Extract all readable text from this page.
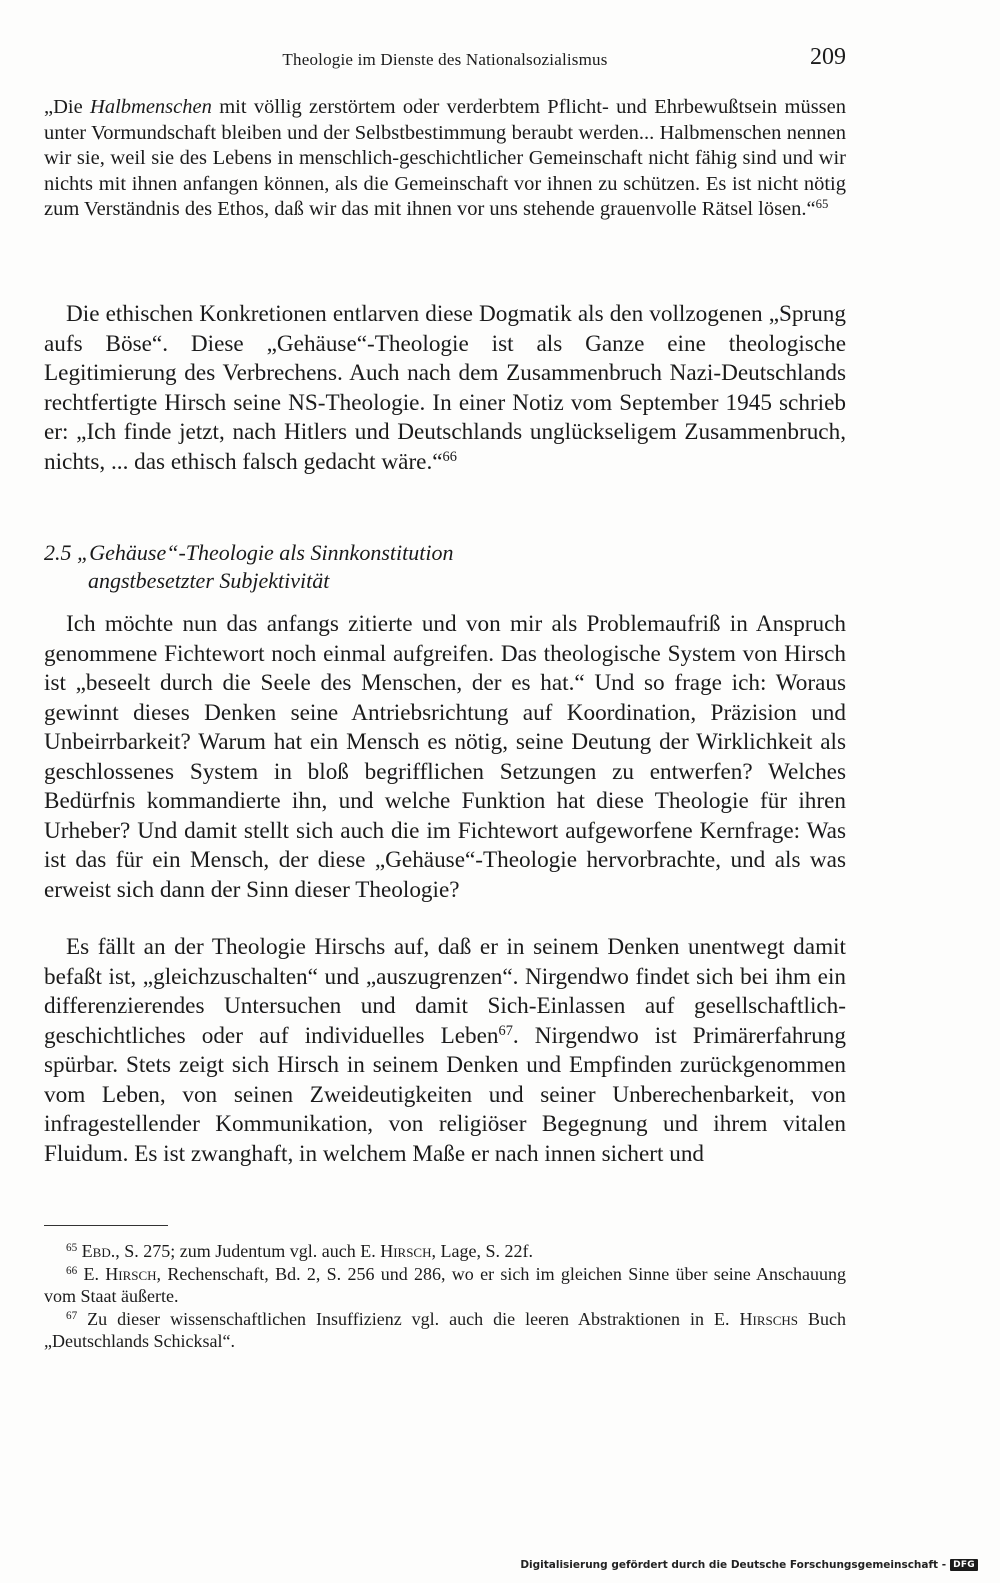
Theologie im Dienste des Nationalsozialismus	209
„Die Halbmenschen mit völlig zerstörtem oder verderbtem Pflicht- und Ehrbewußtsein müssen unter Vormundschaft bleiben und der Selbstbestimmung beraubt werden... Halbmenschen nennen wir sie, weil sie des Lebens in menschlich-geschichtlicher Gemeinschaft nicht fähig sind und wir nichts mit ihnen anfangen können, als die Gemeinschaft vor ihnen zu schützen. Es ist nicht nötig zum Verständnis des Ethos, daß wir das mit ihnen vor uns stehende grauenvolle Rätsel lösen.“$^{65}$

Die ethischen Konkretionen entlarven diese Dogmatik als den vollzogenen „Sprung aufs Böse“. Diese „Gehäuse“-Theologie ist als Ganze eine theologische Legitimierung des Verbrechens. Auch nach dem Zusammenbruch Nazi-Deutschlands rechtfertigte Hirsch seine NS-Theologie. In einer Notiz vom September 1945 schrieb er: „Ich finde jetzt, nach Hitlers und Deutschlands unglückseligem Zusammenbruch, nichts, ... das ethisch falsch gedacht wäre.“$^{66}$

2.5 „Gehäuse“-Theologie als Sinnkonstitution
angstbesetzter Subjektivität

Ich möchte nun das anfangs zitierte und von mir als Problemaufriß in Anspruch genommene Fichtewort noch einmal aufgreifen. Das theologische System von Hirsch ist „beseelt durch die Seele des Menschen, der es hat.“ Und so frage ich: Woraus gewinnt dieses Denken seine Antriebsrichtung auf Koordination, Präzision und Unbeirrbarkeit? Warum hat ein Mensch es nötig, seine Deutung der Wirklichkeit als geschlossenes System in bloß begrifflichen Setzungen zu entwerfen? Welches Bedürfnis kommandierte ihn, und welche Funktion hat diese Theologie für ihren Urheber? Und damit stellt sich auch die im Fichtewort aufgeworfene Kernfrage: Was ist das für ein Mensch, der diese „Gehäuse“-Theologie hervorbrachte, und als was erweist sich dann der Sinn dieser Theologie?

Es fällt an der Theologie Hirschs auf, daß er in seinem Denken unentwegt damit befaßt ist, „gleichzuschalten“ und „auszugrenzen“. Nirgendwo findet sich bei ihm ein differenzierendes Untersuchen und damit Sich-Einlassen auf gesellschaftlich-geschichtliches oder auf individuelles Leben$^{67}$. Nirgendwo ist Primärerfahrung spürbar. Stets zeigt sich Hirsch in seinem Denken und Empfinden zurückgenommen vom Leben, von seinen Zweideutigkeiten und seiner Unberechenbarkeit, von infragestellender Kommunikation, von religiöser Begegnung und ihrem vitalen Fluidum. Es ist zwanghaft, in welchem Maße er nach innen sichert und

$^{65}$ Ebd., S. 275; zum Judentum vgl. auch E. Hirsch, Lage, S. 22f.

$^{66}$ E. Hirsch, Rechenschaft, Bd. 2, S. 256 und 286, wo er sich im gleichen Sinne über seine Anschauung vom Staat äußerte.

$^{67}$ Zu dieser wissenschaftlichen Insuffizienz vgl. auch die leeren Abstraktionen in E. Hirschs Buch „Deutschlands Schicksal“.

Digitalisierung gefördert durch die Deutsche Forschungsgemeinschaft - DFG
